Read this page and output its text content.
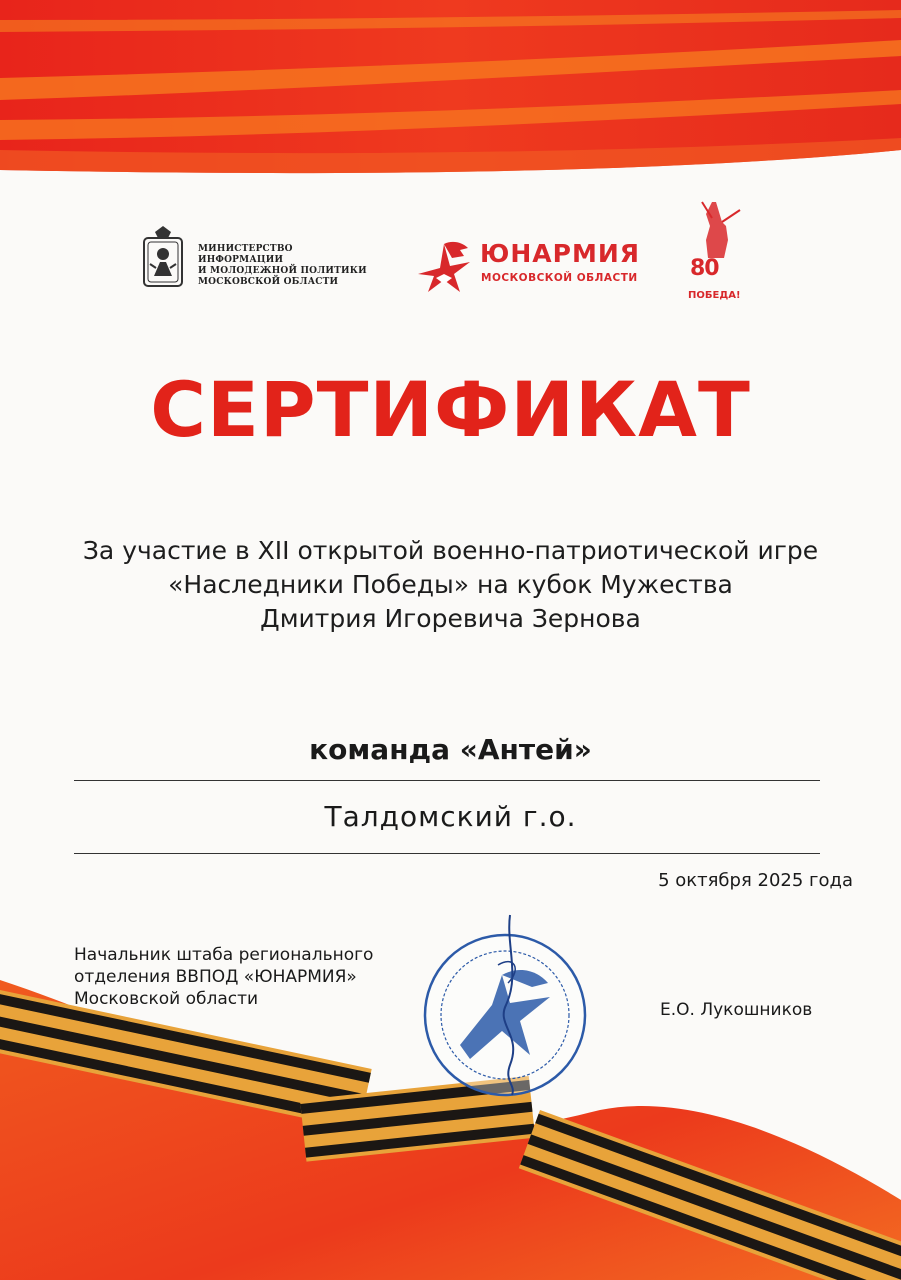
МИНИСТЕРСТВО ИНФОРМАЦИИ
И МОЛОДЕЖНОЙ ПОЛИТИКИ
МОСКОВСКОЙ ОБЛАСТИ
ЮНАРМИЯ
МОСКОВСКОЙ ОБЛАСТИ 80
ПОБЕДА!
СЕРТИФИКАТ
За участие в XII открытой военно-патриотической игре
«Наследники Победы» на кубок Мужества
Дмитрия Игоревича Зернова
команда «Антей»
Талдомский г.о.
5 октября 2025 года
Начальник штаба регионального
отделения ВВПОД «ЮНАРМИЯ»
Московской области
Е.О. Лукошников
